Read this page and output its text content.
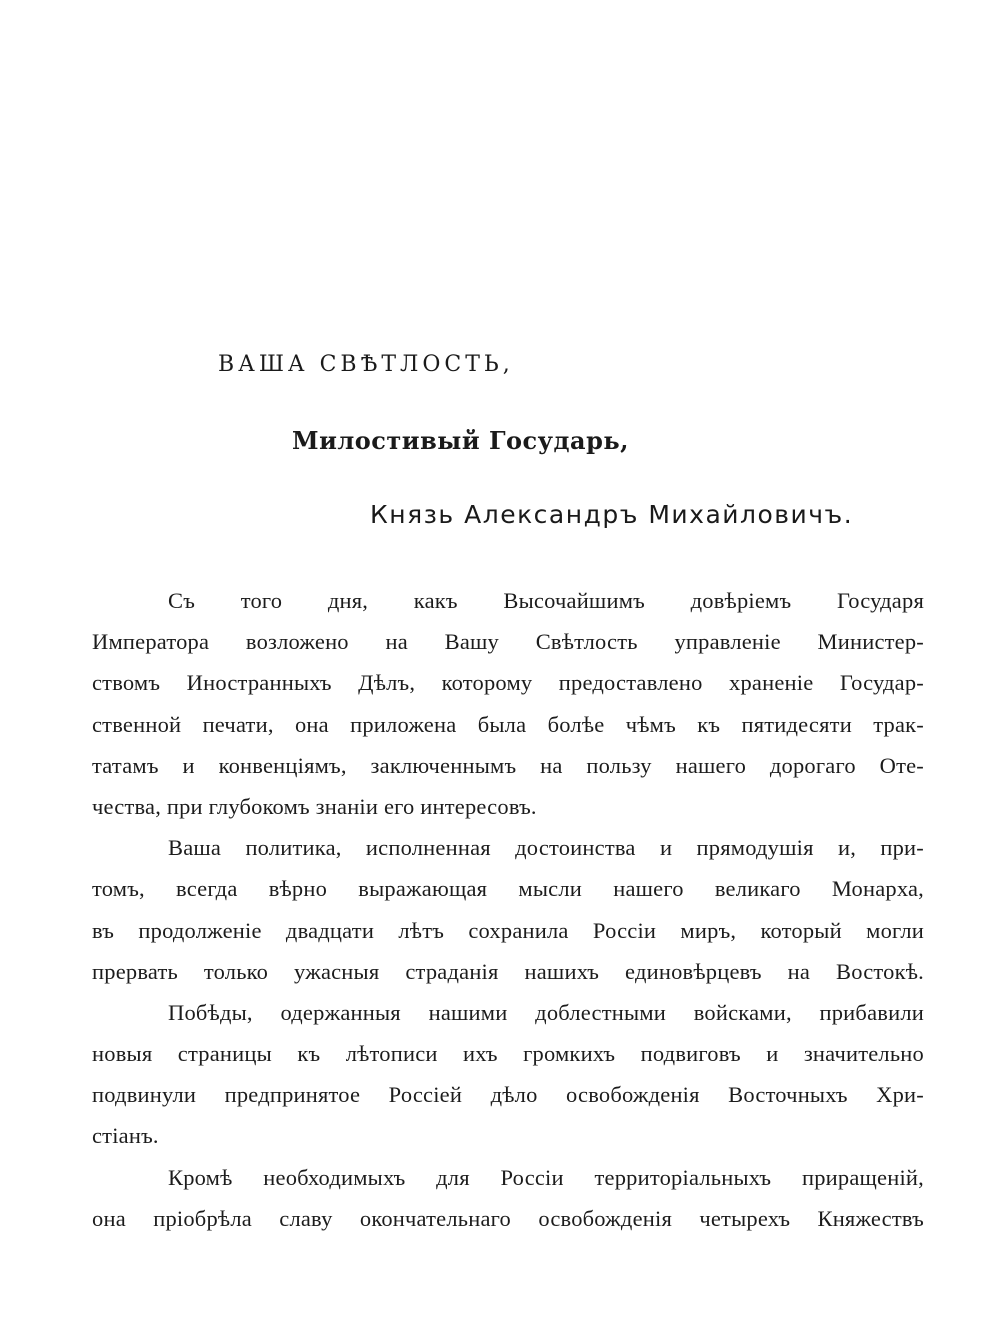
ВАША СВѢТЛОСТЬ,
Милостивый Государь,
Князь Александръ Михайловичъ.
Съ того дня, какъ Высочайшимъ довѣріемъ Государя
Императора возложено на Вашу Свѣтлость управленіе Министер-
ствомъ Иностранныхъ Дѣлъ, которому предоставлено храненіе Государ-
ственной печати, она приложена была болѣе чѣмъ къ пятидесяти трак-
татамъ и конвенціямъ, заключеннымъ на пользу нашего дорогаго Оте-
чества, при глубокомъ знаніи его интересовъ.
Ваша политика, исполненная достоинства и прямодушія и, при-
томъ, всегда вѣрно выражающая мысли нашего великаго Монарха,
въ продолженіе двадцати лѣтъ сохранила Россіи миръ, который могли
прервать только ужасныя страданія нашихъ единовѣрцевъ на Востокѣ.
Побѣды, одержанныя нашими доблестными войсками, прибавили
новыя страницы къ лѣтописи ихъ громкихъ подвиговъ и значительно
подвинули предпринятое Россіей дѣло освобожденія Восточныхъ Хри-
стіанъ.
Кромѣ необходимыхъ для Россіи территоріальныхъ приращеній,
она пріобрѣла славу окончательнаго освобожденія четырехъ Княжествъ
